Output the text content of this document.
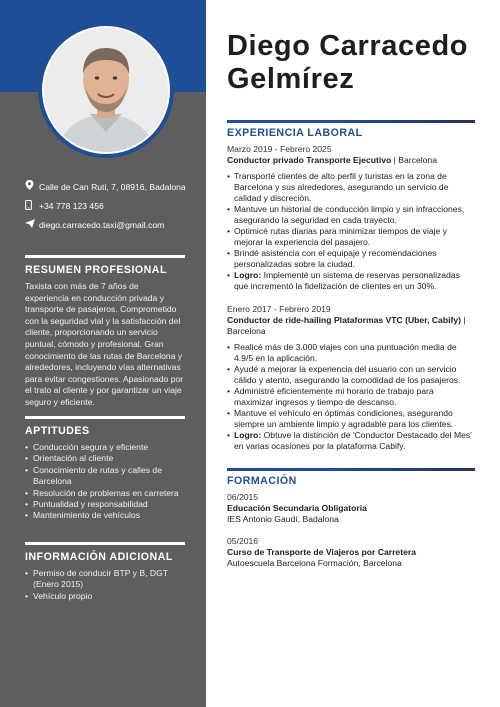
Calle de Can Ruti, 7, 08916, Badalona
+34 778 123 456
diego.carracedo.taxi@gmail.com
RESUMEN PROFESIONAL
Taxista con más de 7 años de experiencia en conducción privada y transporte de pasajeros. Comprometido con la seguridad vial y la satisfacción del cliente, proporcionando un servicio puntual, cómodo y profesional. Gran conocimiento de las rutas de Barcelona y alrededores, incluyendo vías alternativas para evitar congestiones. Apasionado por el trato al cliente y por garantizar un viaje seguro y eficiente.
APTITUDES
• Conducción segura y eficiente
• Orientación al cliente
• Conocimiento de rutas y calles de Barcelona
• Resolución de problemas en carretera
• Puntualidad y responsabilidad
• Mantenimiento de vehículos
INFORMACIÓN ADICIONAL
• Permiso de conducir BTP y B, DGT (Enero 2015)
• Vehículo propio
Diego Carracedo
Gelmírez
EXPERIENCIA LABORAL
Marzo 2019 - Febrero 2025
Conductor privado Transporte Ejecutivo | Barcelona
• Transporté clientes de alto perfil y turistas en la zona de Barcelona y sus alrededores, asegurando un servicio de calidad y discreción.
• Mantuve un historial de conducción limpio y sin infracciones, asegurando la seguridad en cada trayecto.
• Optimicé rutas diarias para minimizar tiempos de viaje y mejorar la experiencia del pasajero.
• Brindé asistencia con el equipaje y recomendaciones personalizadas sobre la ciudad.
• Logro: Implementé un sistema de reservas personalizadas que incrementó la fidelización de clientes en un 30%.
Enero 2017 - Febrero 2019
Conductor de ride-hailing Plataformas VTC (Uber, Cabify) | Barcelona
• Realicé más de 3.000 viajes con una puntuación media de 4.9/5 en la aplicación.
• Ayudé a mejorar la experiencia del usuario con un servicio cálido y atento, asegurando la comodidad de los pasajeros.
• Administré eficientemente mi horario de trabajo para maximizar ingresos y tiempo de descanso.
• Mantuve el vehículo en óptimas condiciones, asegurando siempre un ambiente limpio y agradable para los clientes.
• Logro: Obtuve la distinción de 'Conductor Destacado del Mes' en varias ocasiones por la plataforma Cabify.
FORMACIÓN
06/2015
Educación Secundaria Obligatoria
IES Antonio Gaudí, Badalona
05/2016
Curso de Transporte de Viajeros por Carretera
Autoescuela Barcelona Formación, Barcelona
